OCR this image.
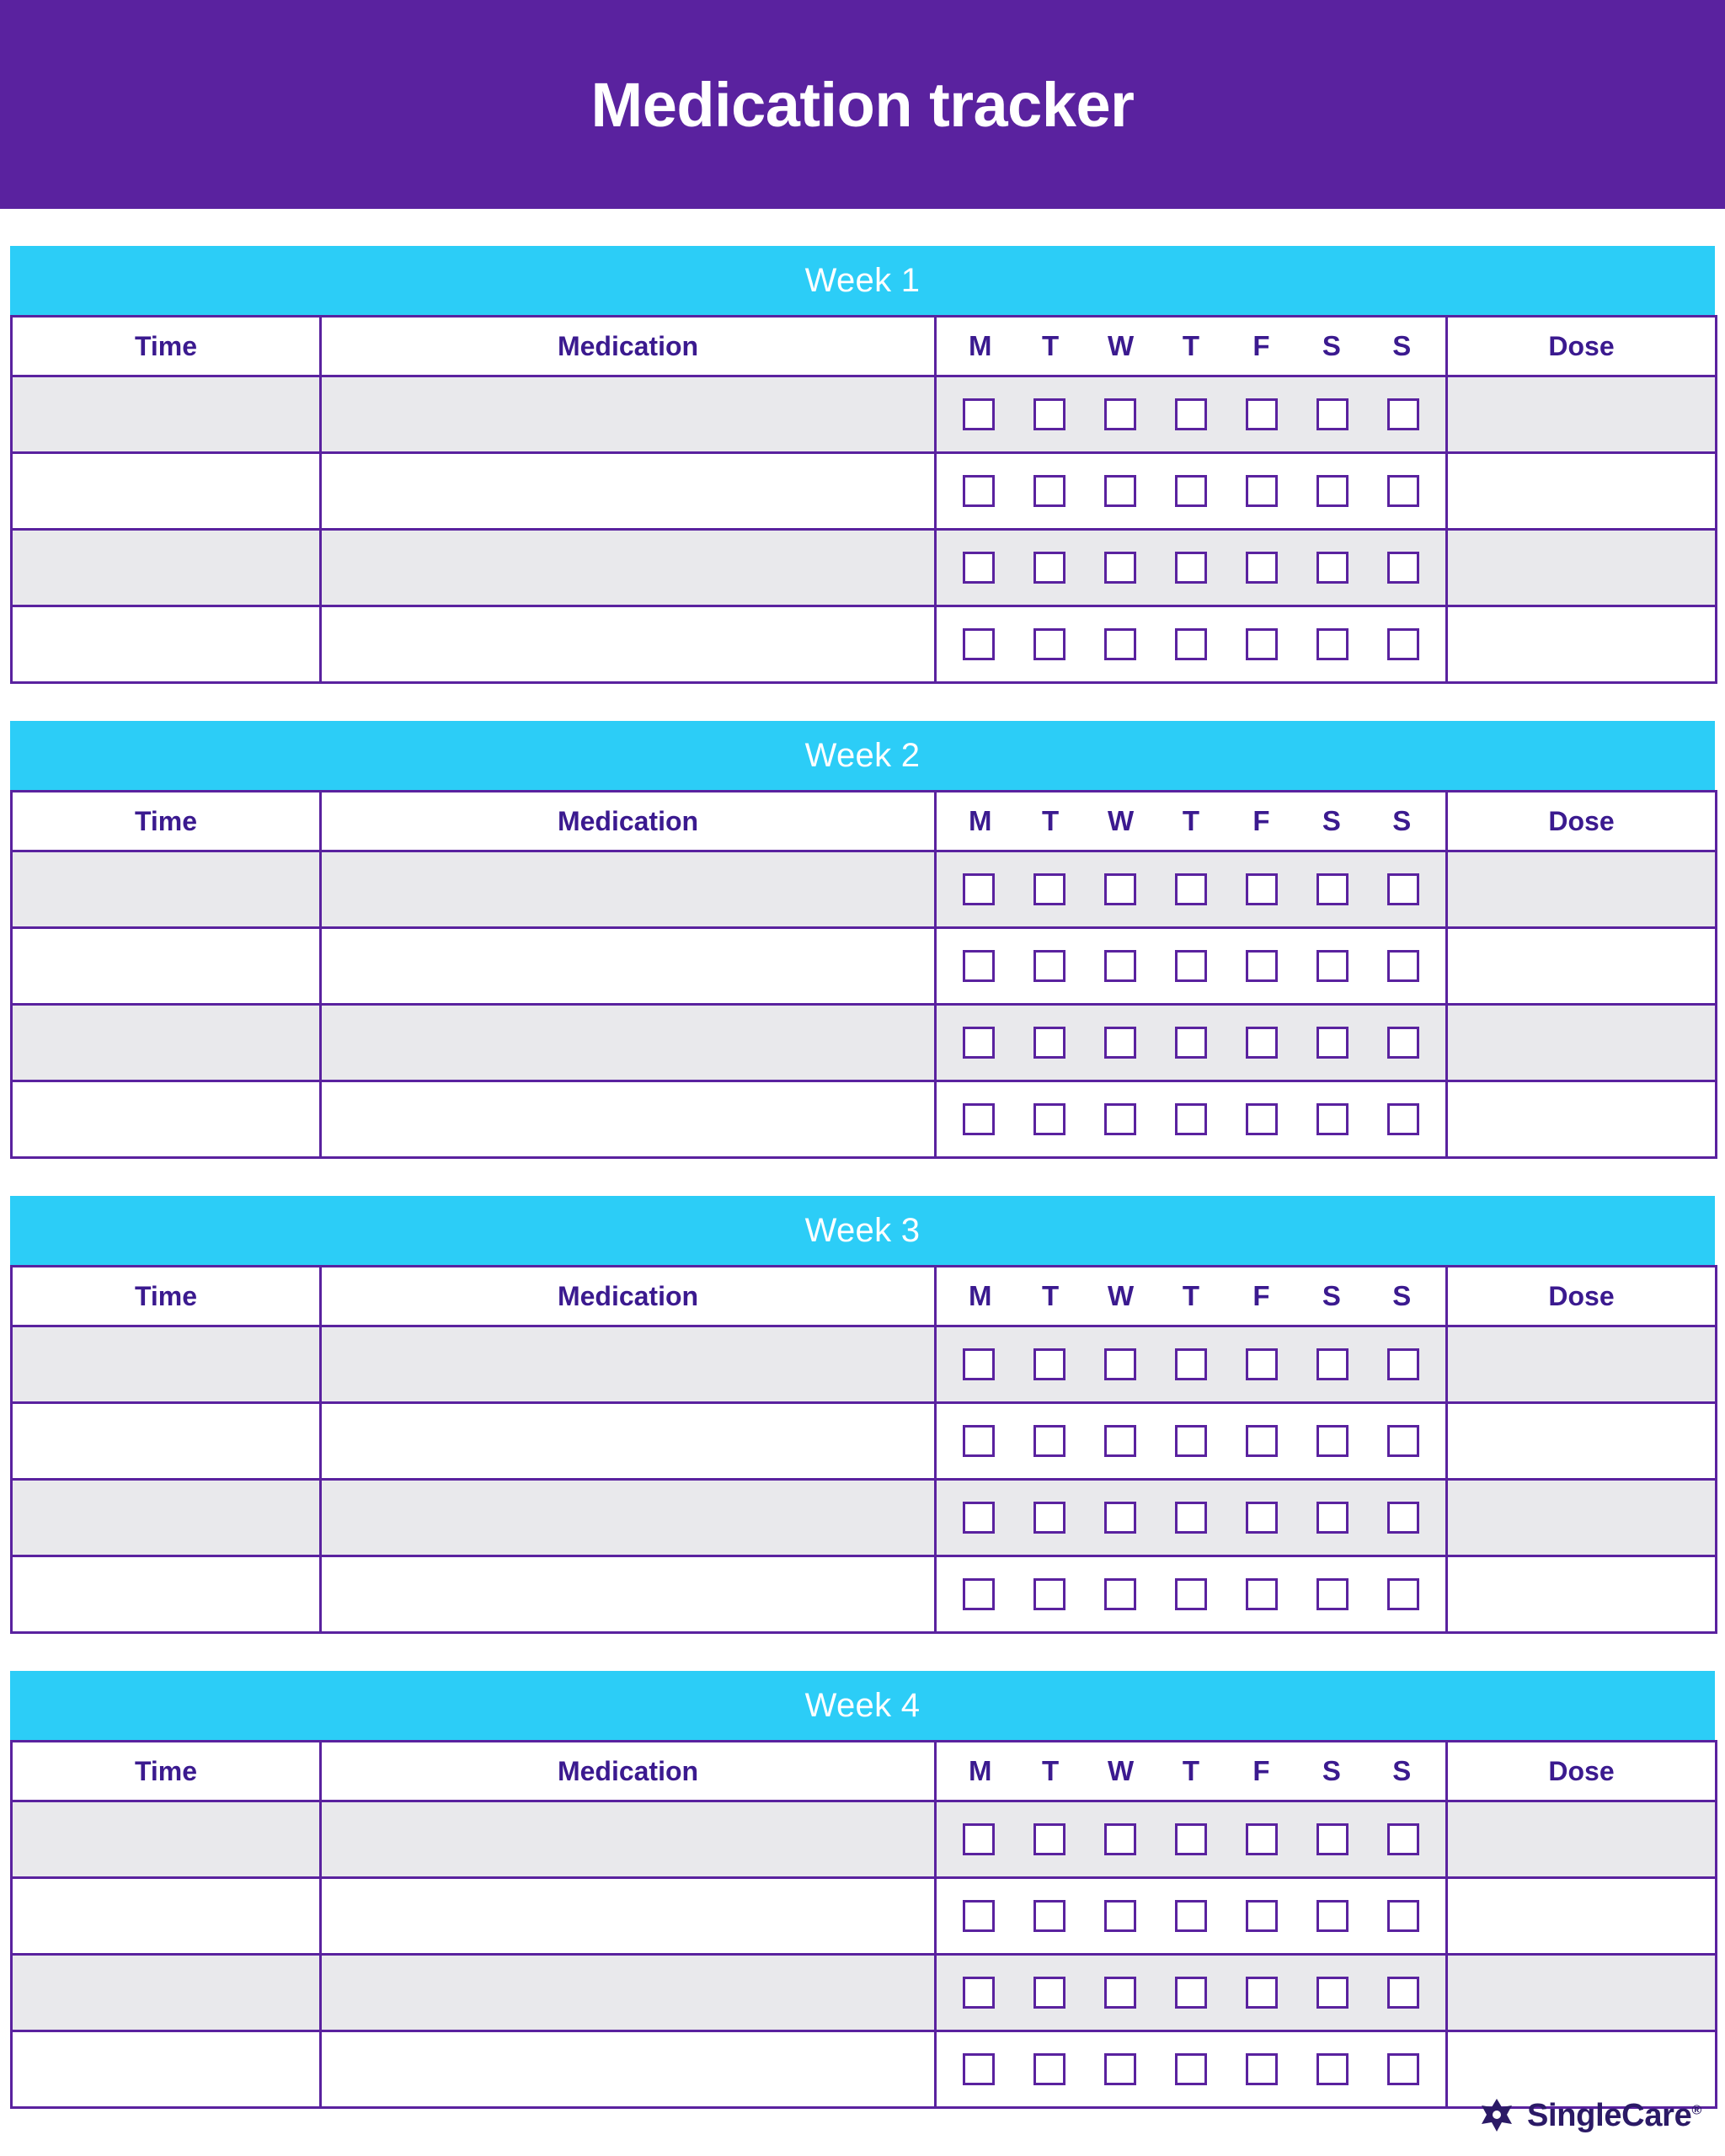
Medication tracker
Week 1
Time	Medication	M	T	W	T	F	S	S	Dose

Week 2
Time	Medication	M	T	W	T	F	S	S	Dose

Week 3
Time	Medication	M	T	W	T	F	S	S	Dose

Week 4
Time	Medication	M	T	W	T	F	S	S	Dose

SingleCare®
